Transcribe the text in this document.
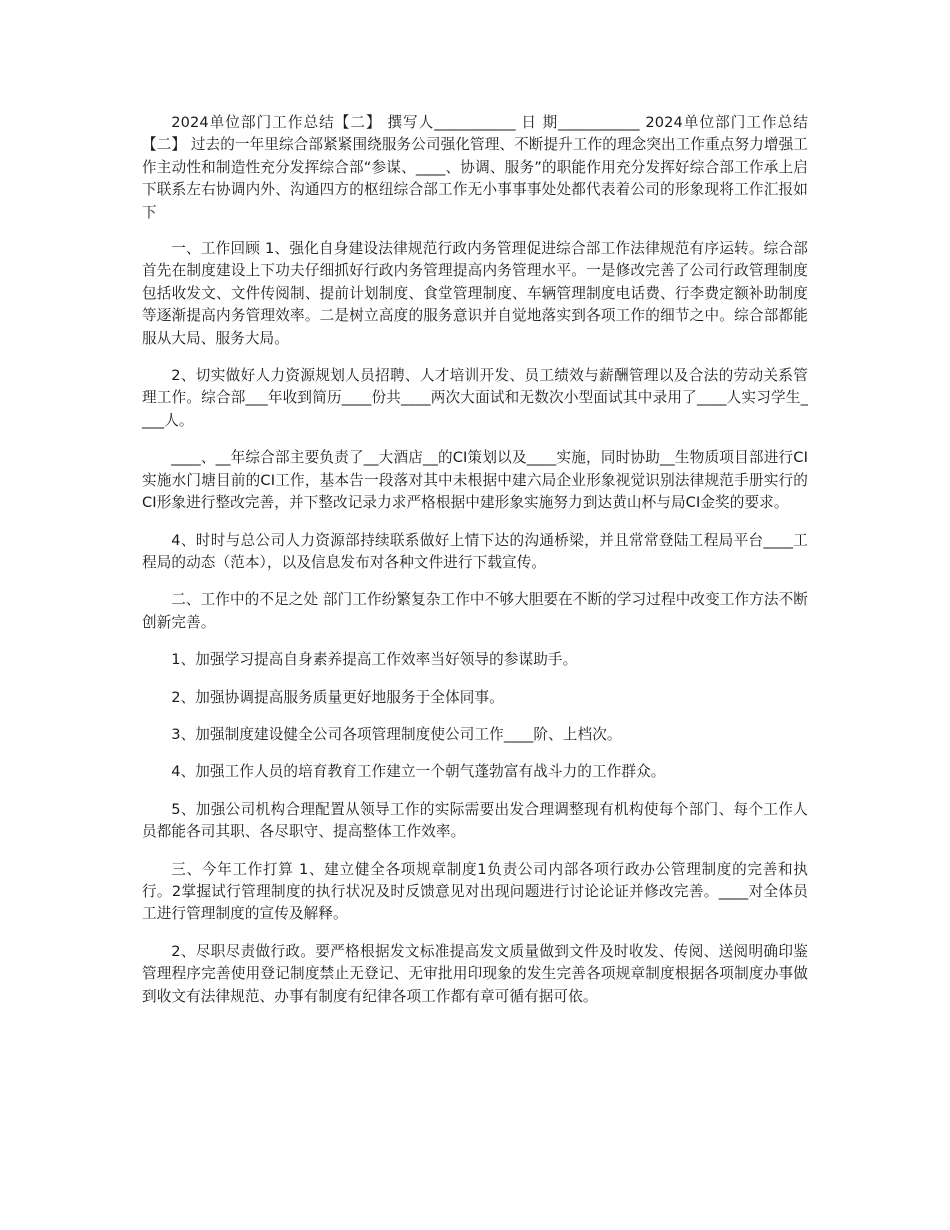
2024单位部门工作总结【二】 撰写人___________ 日 期___________ 2024单位部门工作总结【二】 过去的一年里综合部紧紧围绕服务公司强化管理、不断提升工作的理念突出工作重点努力增强工作主动性和制造性充分发挥综合部“参谋、____、协调、服务”的职能作用充分发挥好综合部工作承上启下联系左右协调内外、沟通四方的枢纽综合部工作无小事事事处处都代表着公司的形象现将工作汇报如下

一、工作回顾 1、强化自身建设法律规范行政内务管理促进综合部工作法律规范有序运转。综合部首先在制度建设上下功夫仔细抓好行政内务管理提高内务管理水平。一是修改完善了公司行政管理制度包括收发文、文件传阅制、提前计划制度、食堂管理制度、车辆管理制度电话费、行李费定额补助制度等逐渐提高内务管理效率。二是树立高度的服务意识并自觉地落实到各项工作的细节之中。综合部都能服从大局、服务大局。

2、切实做好人力资源规划人员招聘、人才培训开发、员工绩效与薪酬管理以及合法的劳动关系管理工作。综合部___年收到简历____份共____两次大面试和无数次小型面试其中录用了____人实习学生____人。

____、__年综合部主要负责了__大酒店__的CI策划以及____实施，同时协助__生物质项目部进行CI实施水门塘目前的CI工作，基本告一段落对其中未根据中建六局企业形象视觉识别法律规范手册实行的CI形象进行整改完善，并下整改记录力求严格根据中建形象实施努力到达黄山杯与局CI金奖的要求。

4、时时与总公司人力资源部持续联系做好上情下达的沟通桥梁，并且常常登陆工程局平台____工程局的动态（范本），以及信息发布对各种文件进行下载宣传。

二、工作中的不足之处 部门工作纷繁复杂工作中不够大胆要在不断的学习过程中改变工作方法不断创新完善。

1、加强学习提高自身素养提高工作效率当好领导的参谋助手。

2、加强协调提高服务质量更好地服务于全体同事。

3、加强制度建设健全公司各项管理制度使公司工作____阶、上档次。

4、加强工作人员的培育教育工作建立一个朝气蓬勃富有战斗力的工作群众。

5、加强公司机构合理配置从领导工作的实际需要出发合理调整现有机构使每个部门、每个工作人员都能各司其职、各尽职守、提高整体工作效率。

三、今年工作打算 1、建立健全各项规章制度1负责公司内部各项行政办公管理制度的完善和执行。2掌握试行管理制度的执行状况及时反馈意见对出现问题进行讨论论证并修改完善。____对全体员工进行管理制度的宣传及解释。

2、尽职尽责做行政。要严格根据发文标准提高发文质量做到文件及时收发、传阅、送阅明确印鉴管理程序完善使用登记制度禁止无登记、无审批用印现象的发生完善各项规章制度根据各项制度办事做到收文有法律规范、办事有制度有纪律各项工作都有章可循有据可依。
